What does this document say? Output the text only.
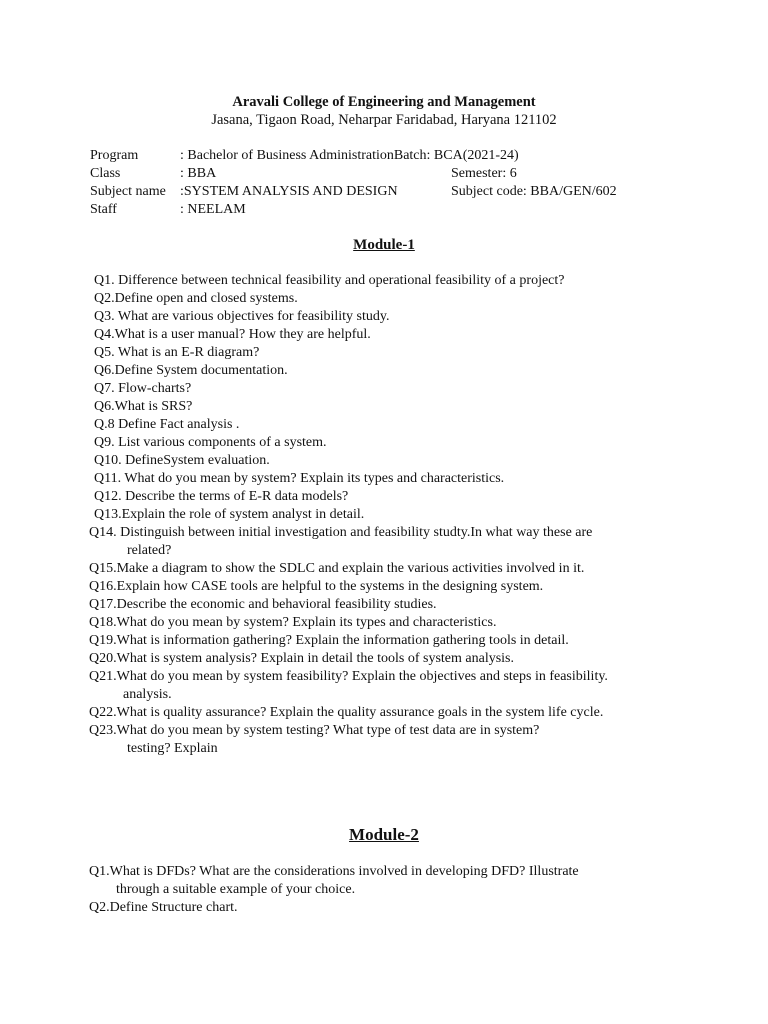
Aravali College of Engineering and Management
Jasana, Tigaon Road, Neharpar Faridabad, Haryana 121102
Program	: Bachelor of Business AdministrationBatch: BCA(2021-24)
Class	: BBA	Semester: 6
Subject name :SYSTEM ANALYSIS AND DESIGN	Subject code: BBA/GEN/602
Staff	: NEELAM
Module-1
Q1. Difference between technical feasibility and operational feasibility of a project?
Q2.Define open and closed systems.
Q3. What are various objectives for feasibility study.
Q4.What is a user manual? How they are helpful.
Q5. What is an E-R diagram?
Q6.Define System documentation.
Q7. Flow-charts?
Q6.What is SRS?
Q.8 Define Fact analysis .
Q9. List various components of a system.
Q10. DefineSystem evaluation.
Q11. What do you mean by system? Explain its types and characteristics.
Q12. Describe the terms of E-R data models?
Q13.Explain the role of system analyst in detail.
Q14. Distinguish between initial investigation and feasibility studty.In what way these are
related?
Q15.Make a diagram to show the SDLC and explain the various activities involved in it.
Q16.Explain how CASE tools are helpful to the systems in the designing system.
Q17.Describe the economic and behavioral feasibility studies.
Q18.What do you mean by system? Explain its types and characteristics.
Q19.What is information gathering? Explain the information gathering tools in detail.
Q20.What is system analysis? Explain in detail the tools of system analysis.
Q21.What do you mean by system feasibility? Explain the objectives and steps in feasibility.
analysis.
Q22.What is quality assurance? Explain the quality assurance goals in the system life cycle.
Q23.What do you mean by system testing? What type of test data are in system?
testing? Explain
Module-2
Q1.What is DFDs? What are the considerations involved in developing DFD? Illustrate
through a suitable example of your choice.
Q2.Define Structure chart.
